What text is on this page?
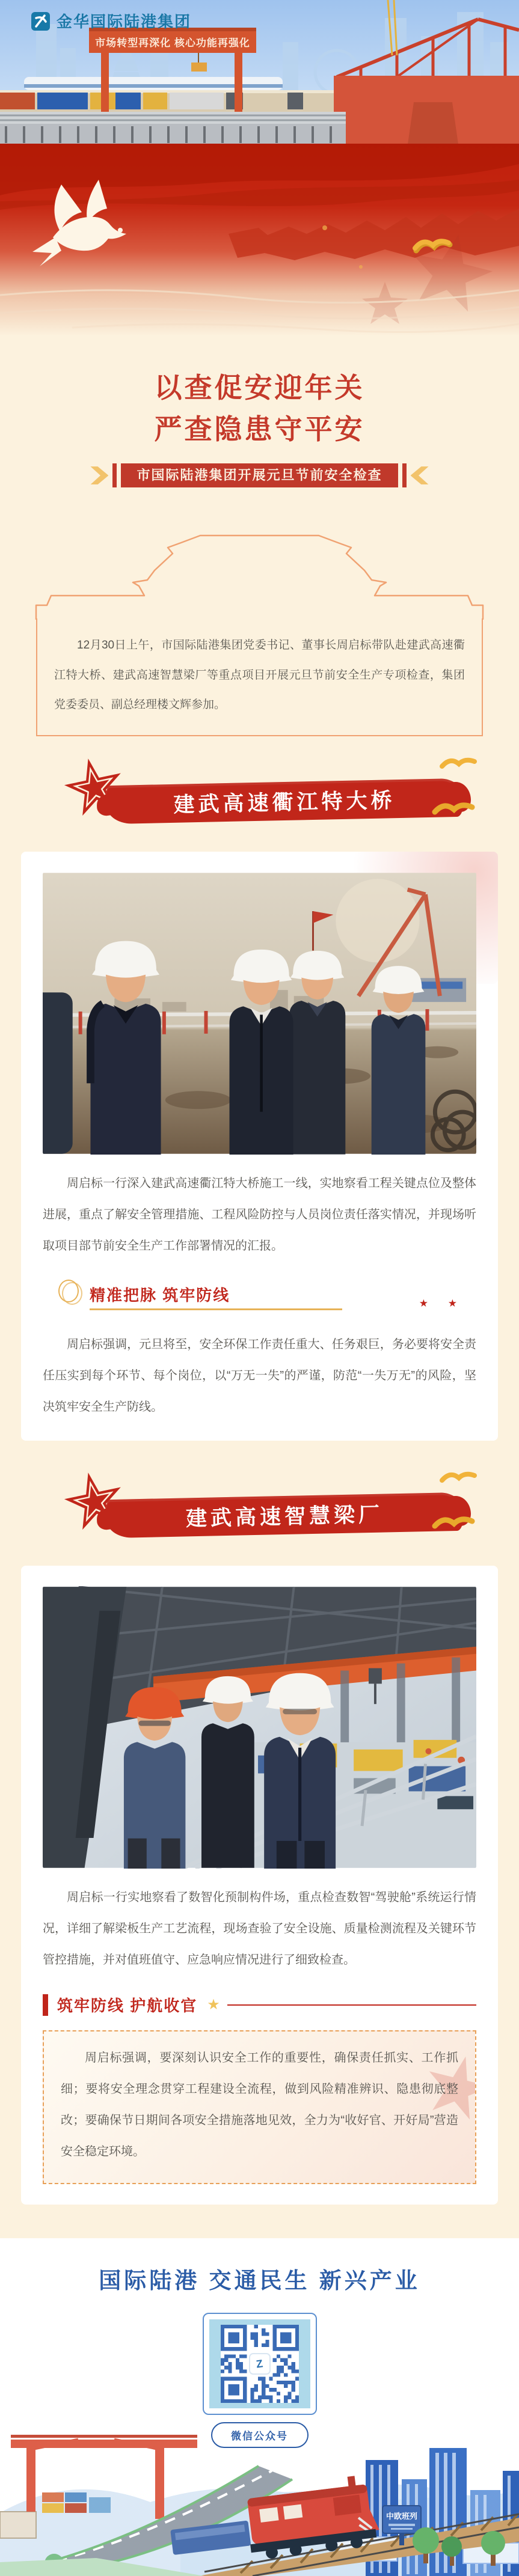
市场转型再深化 核心功能再强化
金华国际陆港集团
以查促安迎年关
严查隐患守平安
市国际陆港集团开展元旦节前安全检查

12月30日上午，市国际陆港集团党委书记、董事长周启标带队赴建武高速衢江特大桥、建武高速智慧梁厂等重点项目开展元旦节前安全生产专项检查，集团党委委员、副总经理楼文辉参加。

建武高速衢江特大桥

周启标一行深入建武高速衢江特大桥施工一线，实地察看工程关键点位及整体进展，重点了解安全管理措施、工程风险防控与人员岗位责任落实情况，并现场听取项目部节前安全生产工作部署情况的汇报。

精准把脉 筑牢防线	★ ★

周启标强调，元旦将至，安全环保工作责任重大、任务艰巨，务必要将安全责任压实到每个环节、每个岗位，以“万无一失”的严谨，防范“一失万无”的风险，坚决筑牢安全生产防线。

建武高速智慧梁厂

周启标一行实地察看了数智化预制构件场，重点检查数智“驾驶舱”系统运行情况，详细了解梁板生产工艺流程，现场查验了安全设施、质量检测流程及关键环节管控措施，并对值班值守、应急响应情况进行了细致检查。

筑牢防线 护航收官 ★

周启标强调，要深刻认识安全工作的重要性，确保责任抓实、工作抓细；要将安全理念贯穿工程建设全流程，做到风险精准辨识、隐患彻底整改；要确保节日期间各项安全措施落地见效，全力为“收好官、开好局”营造安全稳定环境。

国际陆港 交通民生 新兴产业

Z
微信公众号
中欧班列
